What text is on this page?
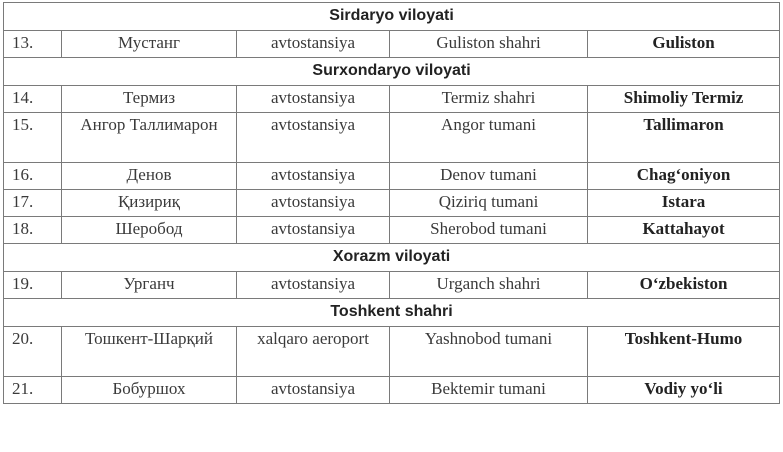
Sirdaryo viloyati				
13.	Мустанг	avtostansiya	Guliston shahri	Guliston
Surxondaryo viloyati				
14.	Термиз	avtostansiya	Termiz shahri	Shimoliy Termiz
15.	Ангор Таллимарон	avtostansiya	Angor tumani	Tallimaron
16.	Денов	avtostansiya	Denov tumani	Chag‘oniyon
17.	Қизириқ	avtostansiya	Qiziriq tumani	Istara
18.	Шеробод	avtostansiya	Sherobod tumani	Kattahayot
Xorazm viloyati				
19.	Урганч	avtostansiya	Urganch shahri	O‘zbekiston
Toshkent shahri				
20.	Тошкент-Шарқий	xalqaro aeroport	Yashnobod tumani	Toshkent-Humo
21.	Бобуршох	avtostansiya	Bektemir tumani	Vodiy yo‘li
